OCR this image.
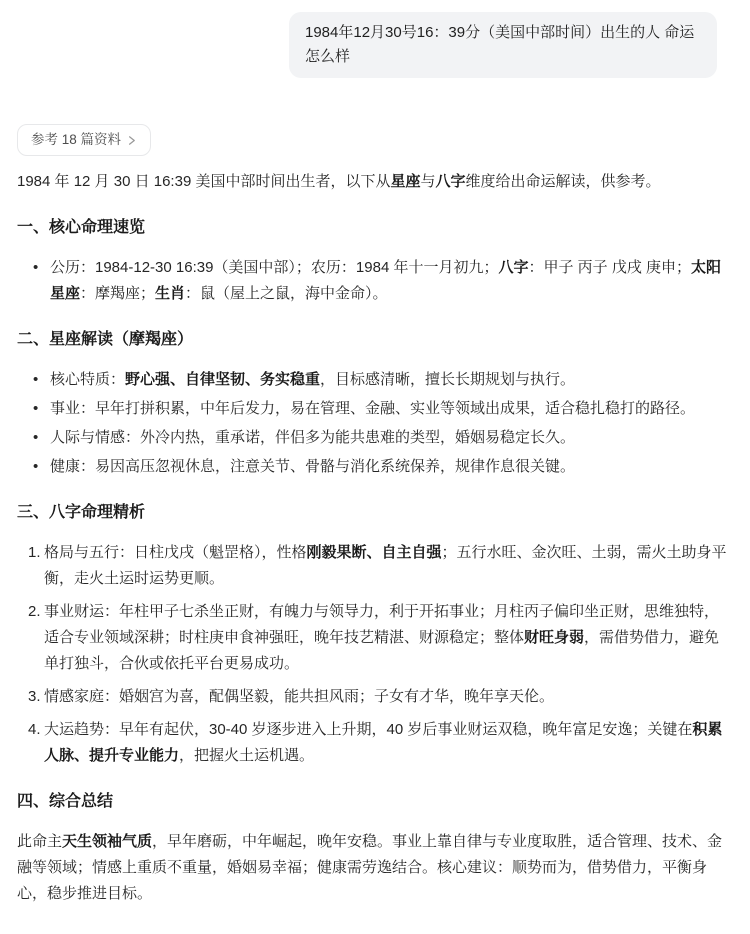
1984年12月30号16：39分（美国中部时间）出生的人 命运怎么样
参考 18 篇资料

1984 年 12 月 30 日 16:39 美国中部时间出生者，以下从星座与八字维度给出命运解读，供参考。

一、核心命理速览
• 公历：1984-12-30 16:39（美国中部）；农历：1984 年十一月初九；八字：甲子 丙子 戊戌 庚申；太阳星座：摩羯座；生肖：鼠（屋上之鼠，海中金命）。
二、星座解读（摩羯座）
• 核心特质：野心强、自律坚韧、务实稳重，目标感清晰，擅长长期规划与执行。
• 事业：早年打拼积累，中年后发力，易在管理、金融、实业等领域出成果，适合稳扎稳打的路径。
• 人际与情感：外冷内热，重承诺，伴侣多为能共患难的类型，婚姻易稳定长久。
• 健康：易因高压忽视休息，注意关节、骨骼与消化系统保养，规律作息很关键。
三、八字命理精析
格局与五行：日柱戊戌（魁罡格），性格刚毅果断、自主自强；五行水旺、金次旺、土弱，需火土助身平衡，走火土运时运势更顺。
事业财运：年柱甲子七杀坐正财，有魄力与领导力，利于开拓事业；月柱丙子偏印坐正财，思维独特，适合专业领域深耕；时柱庚申食神强旺，晚年技艺精湛、财源稳定；整体财旺身弱，需借势借力，避免单打独斗，合伙或依托平台更易成功。
情感家庭：婚姻宫为喜，配偶坚毅，能共担风雨；子女有才华，晚年享天伦。
大运趋势：早年有起伏，30-40 岁逐步进入上升期，40 岁后事业财运双稳，晚年富足安逸；关键在积累人脉、提升专业能力，把握火土运机遇。
四、综合总结

此命主天生领袖气质，早年磨砺，中年崛起，晚年安稳。事业上靠自律与专业度取胜，适合管理、技术、金融等领域；情感上重质不重量，婚姻易幸福；健康需劳逸结合。核心建议：顺势而为，借势借力，平衡身心，稳步推进目标。
